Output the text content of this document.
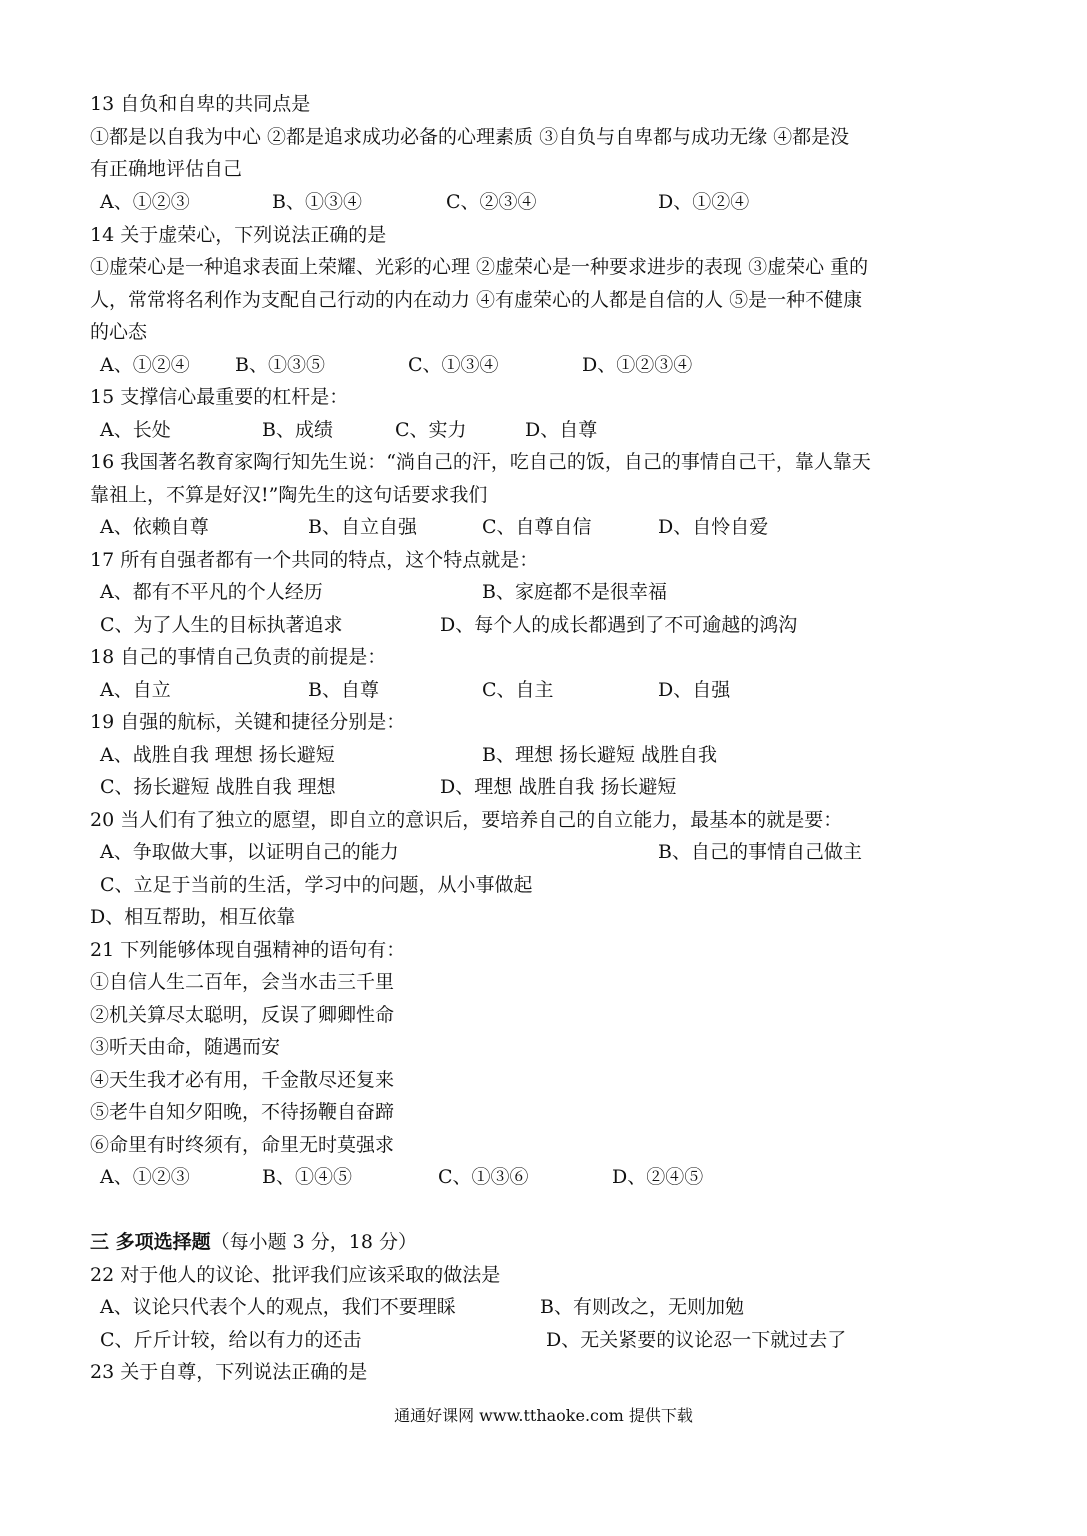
13 自负和自卑的共同点是
①都是以自我为中心 ②都是追求成功必备的心理素质 ③自负与自卑都与成功无缘 ④都是没
有正确地评估自己
A、①②③	B、①③④	C、②③④	D、①②④
14 关于虚荣心，下列说法正确的是
①虚荣心是一种追求表面上荣耀、光彩的心理 ②虚荣心是一种要求进步的表现 ③虚荣心 重的
人，常常将名利作为支配自己行动的内在动力 ④有虚荣心的人都是自信的人 ⑤是一种不健康
的心态
A、①②④ B、①③⑤	C、①③④	D、①②③④
15 支撑信心最重要的杠杆是：
A、长处	B、成绩	C、实力	D、自尊
16 我国著名教育家陶行知先生说：“淌自己的汗，吃自己的饭，自己的事情自己干，靠人靠天
靠祖上，不算是好汉!”陶先生的这句话要求我们
A、依赖自尊	B、自立自强	C、自尊自信	D、自怜自爱
17 所有自强者都有一个共同的特点，这个特点就是：
A、都有不平凡的个人经历	B、家庭都不是很幸福
C、为了人生的目标执著追求	D、每个人的成长都遇到了不可逾越的鸿沟
18 自己的事情自己负责的前提是：
A、自立	B、自尊	C、自主	D、自强
19 自强的航标，关键和捷径分别是：
A、战胜自我 理想 扬长避短	B、理想 扬长避短 战胜自我
C、扬长避短 战胜自我 理想	D、理想 战胜自我 扬长避短
20 当人们有了独立的愿望，即自立的意识后，要培养自己的自立能力，最基本的就是要：
A、争取做大事，以证明自己的能力	B、自己的事情自己做主
C、立足于当前的生活，学习中的问题，从小事做起
D、相互帮助，相互依靠
21 下列能够体现自强精神的语句有：
①自信人生二百年，会当水击三千里
②机关算尽太聪明，反误了卿卿性命
③听天由命，随遇而安
④天生我才必有用，千金散尽还复来
⑤老牛自知夕阳晚，不待扬鞭自奋蹄
⑥命里有时终须有，命里无时莫强求
A、①②③	B、①④⑤	C、①③⑥	D、②④⑤
三 多项选择题（每小题 3 分，18 分）
22 对于他人的议论、批评我们应该采取的做法是
A、议论只代表个人的观点，我们不要理睬	B、有则改之，无则加勉
C、斤斤计较，给以有力的还击	D、无关紧要的议论忍一下就过去了
23 关于自尊，下列说法正确的是
通通好课网 www.tthaoke.com 提供下载
